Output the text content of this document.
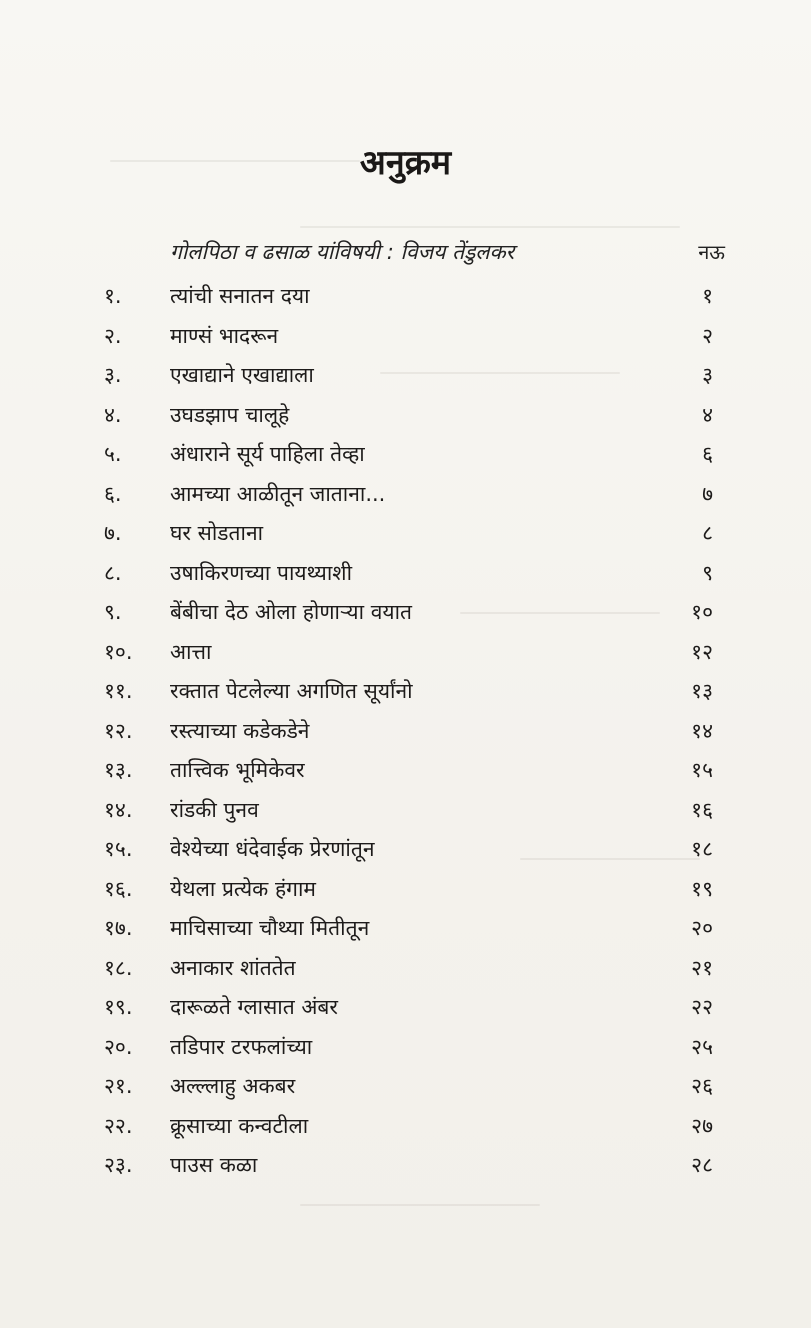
अनुक्रम
गोलपिठा व ढसाळ यांविषयी : विजय तेंडुलकर	नऊ
१.	त्यांची सनातन दया	१
२.	माण्सं भादरून	२
३.	एखाद्याने एखाद्याला	३
४.	उघडझाप चालूहे	४
५.	अंधाराने सूर्य पाहिला तेव्हा	६
६.	आमच्या आळीतून जाताना...	७
७.	घर सोडताना	८
८.	उषाकिरणच्या पायथ्याशी	९
९.	बेंबीचा देठ ओला होणाऱ्या वयात	१०
१०.	आत्ता	१२
११.	रक्तात पेटलेल्या अगणित सूर्यांनो	१३
१२.	रस्त्याच्या कडेकडेने	१४
१३.	तात्त्विक भूमिकेवर	१५
१४.	रांडकी पुनव	१६
१५.	वेश्येच्या धंदेवाईक प्रेरणांतून	१८
१६.	येथला प्रत्येक हंगाम	१९
१७.	माचिसाच्या चौथ्या मितीतून	२०
१८.	अनाकार शांततेत	२१
१९.	दारूळते ग्लासात अंबर	२२
२०.	तडिपार टरफलांच्या	२५
२१.	अल्ल्लाहु अकबर	२६
२२.	क्रूसाच्या कन्वटीला	२७
२३.	पाउस कळा	२८
